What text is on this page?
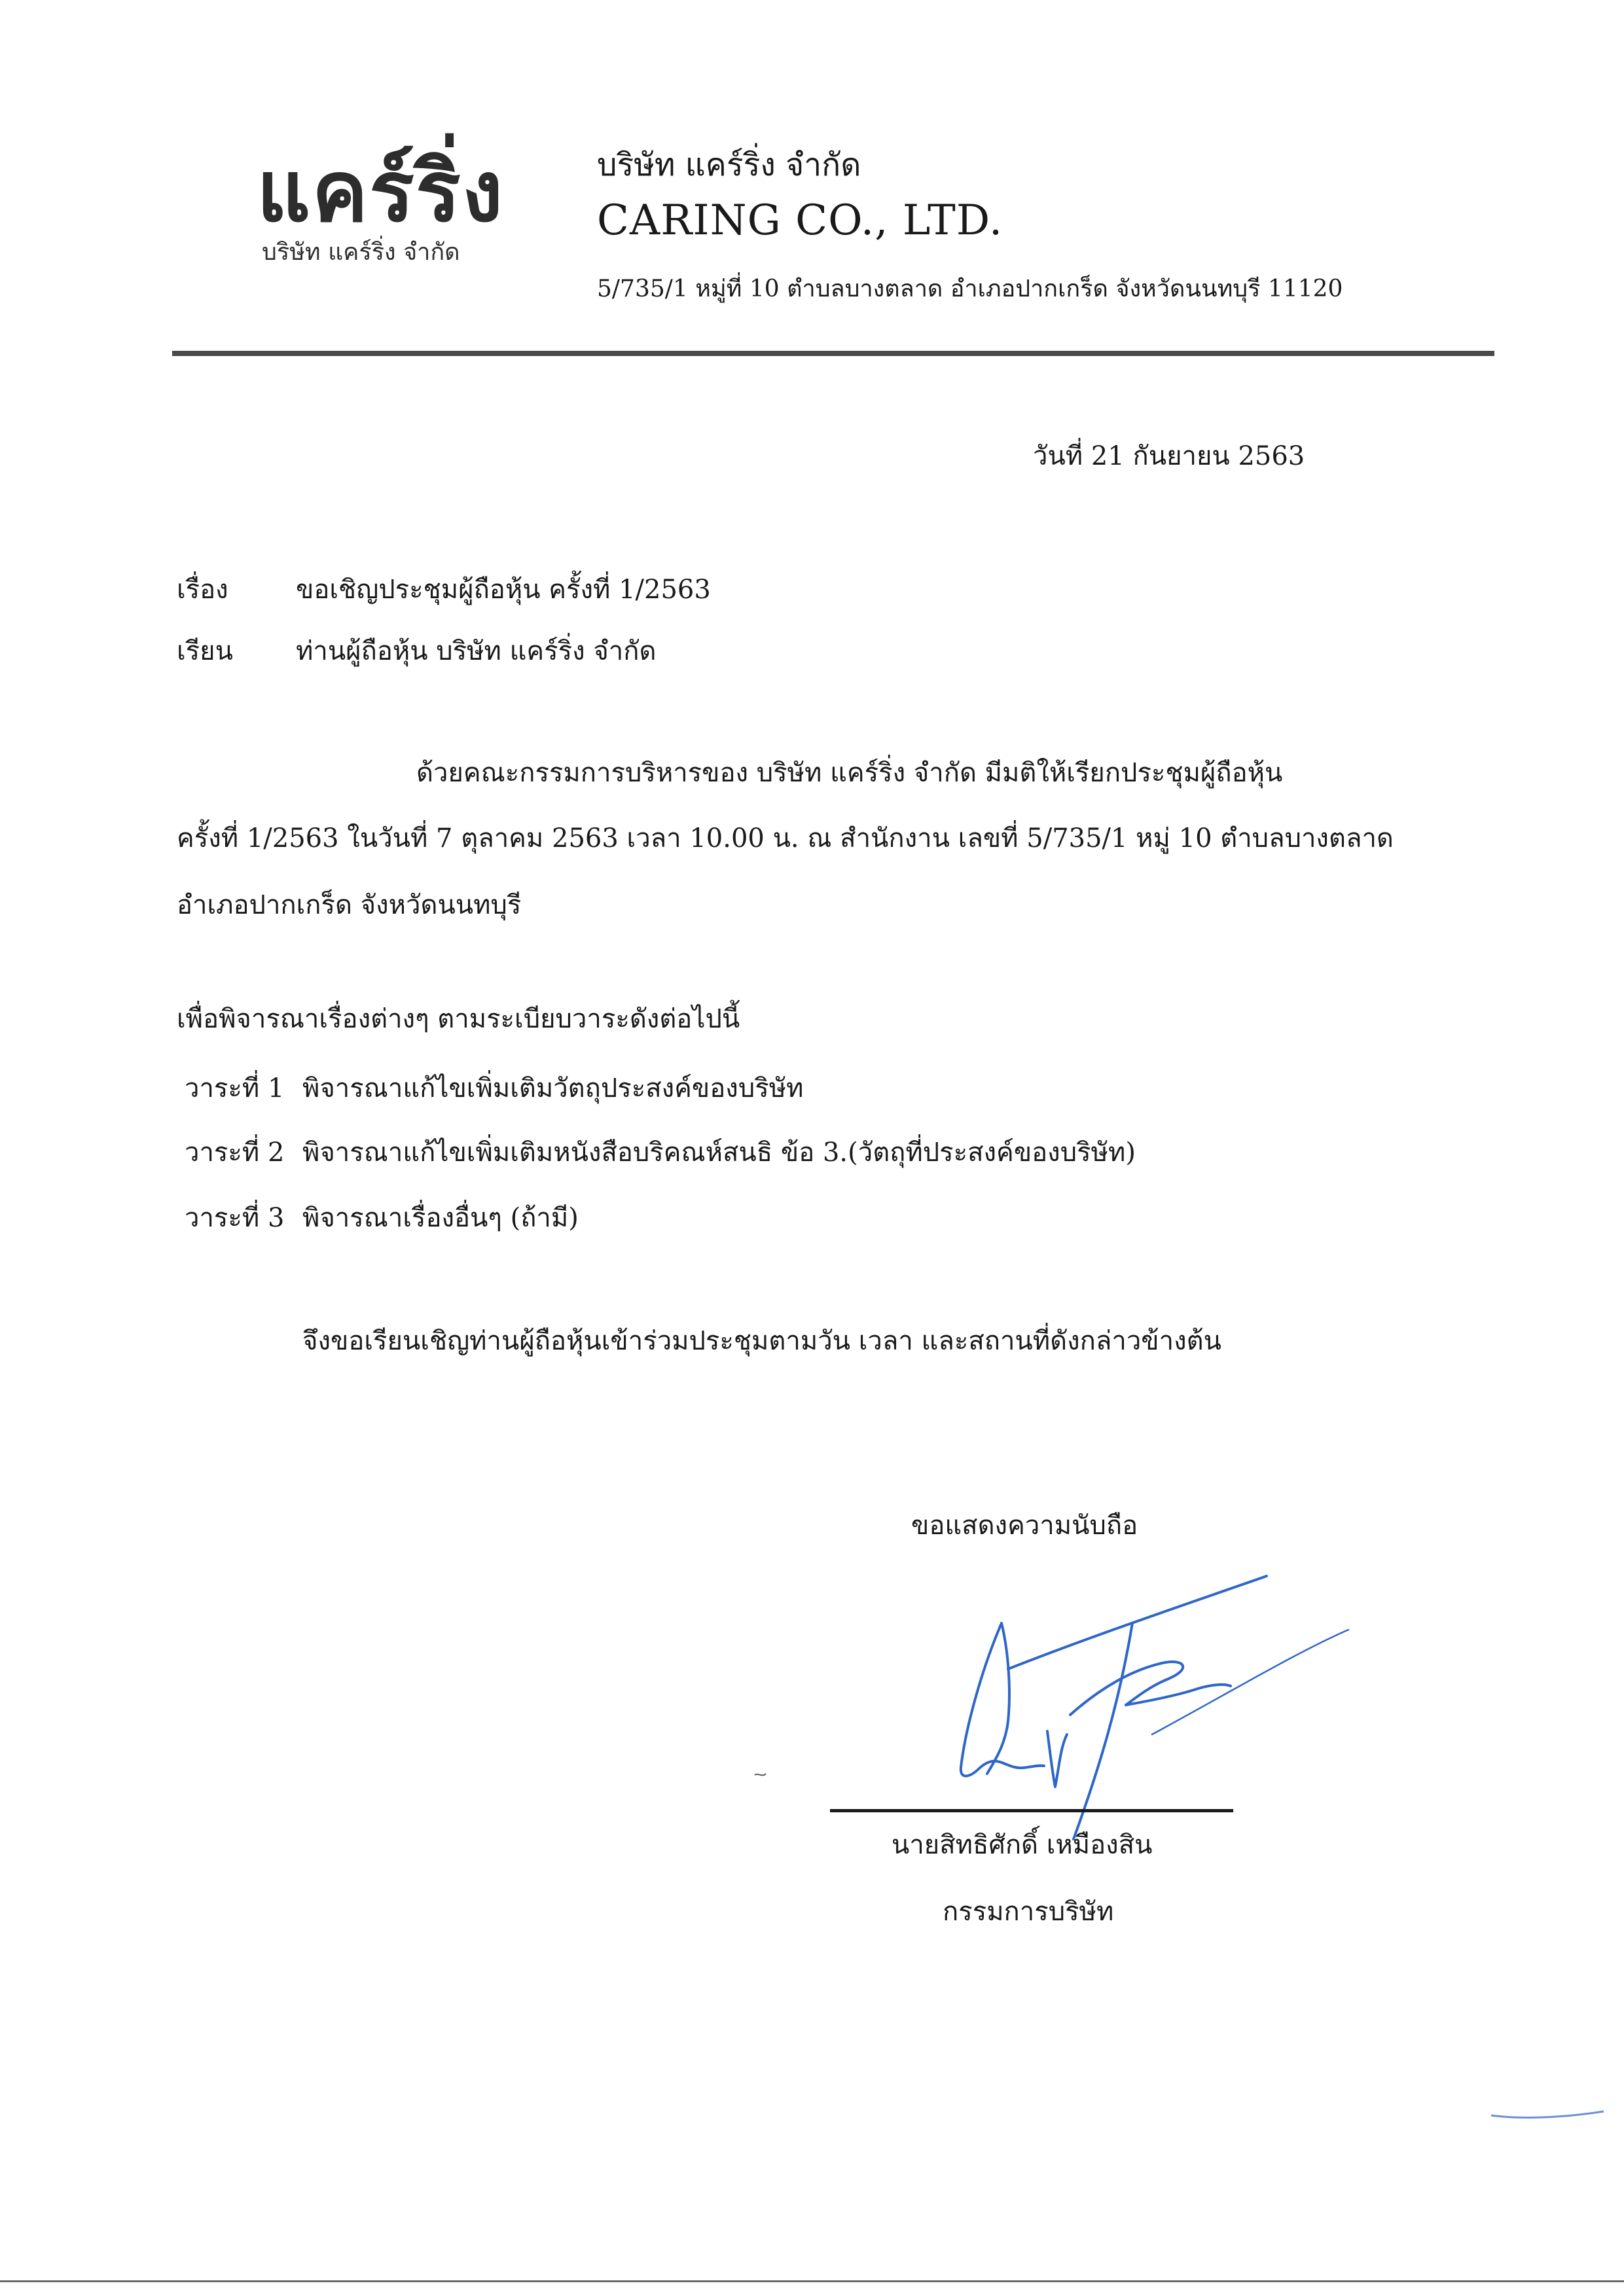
แคร์ริ่ง
บริษัท แคร์ริ่ง จำกัด
บริษัท แคร์ริ่ง จำกัด
CARING CO., LTD.
5/735/1 หมู่ที่ 10 ตำบลบางตลาด อำเภอปากเกร็ด จังหวัดนนทบุรี 11120
วันที่ 21 กันยายน 2563
เรื่อง	ขอเชิญประชุมผู้ถือหุ้น ครั้งที่ 1/2563
เรียน ท่านผู้ถือหุ้น บริษัท แคร์ริ่ง จำกัด
ด้วยคณะกรรมการบริหารของ บริษัท แคร์ริ่ง จำกัด มีมติให้เรียกประชุมผู้ถือหุ้น
ครั้งที่ 1/2563 ในวันที่ 7 ตุลาคม 2563 เวลา 10.00 น. ณ สำนักงาน เลขที่ 5/735/1 หมู่ 10 ตำบลบางตลาด
อำเภอปากเกร็ด จังหวัดนนทบุรี
เพื่อพิจารณาเรื่องต่างๆ ตามระเบียบวาระดังต่อไปนี้
วาระที่ 1 พิจารณาแก้ไขเพิ่มเติมวัตถุประสงค์ของบริษัท
วาระที่ 2 พิจารณาแก้ไขเพิ่มเติมหนังสือบริคณห์สนธิ ข้อ 3.(วัตถุที่ประสงค์ของบริษัท)
วาระที่ 3 พิจารณาเรื่องอื่นๆ (ถ้ามี)
จึงขอเรียนเชิญท่านผู้ถือหุ้นเข้าร่วมประชุมตามวัน เวลา และสถานที่ดังกล่าวข้างต้น
ขอแสดงความนับถือ
นายสิทธิศักดิ์ เหมืองสิน
กรรมการบริษัท
